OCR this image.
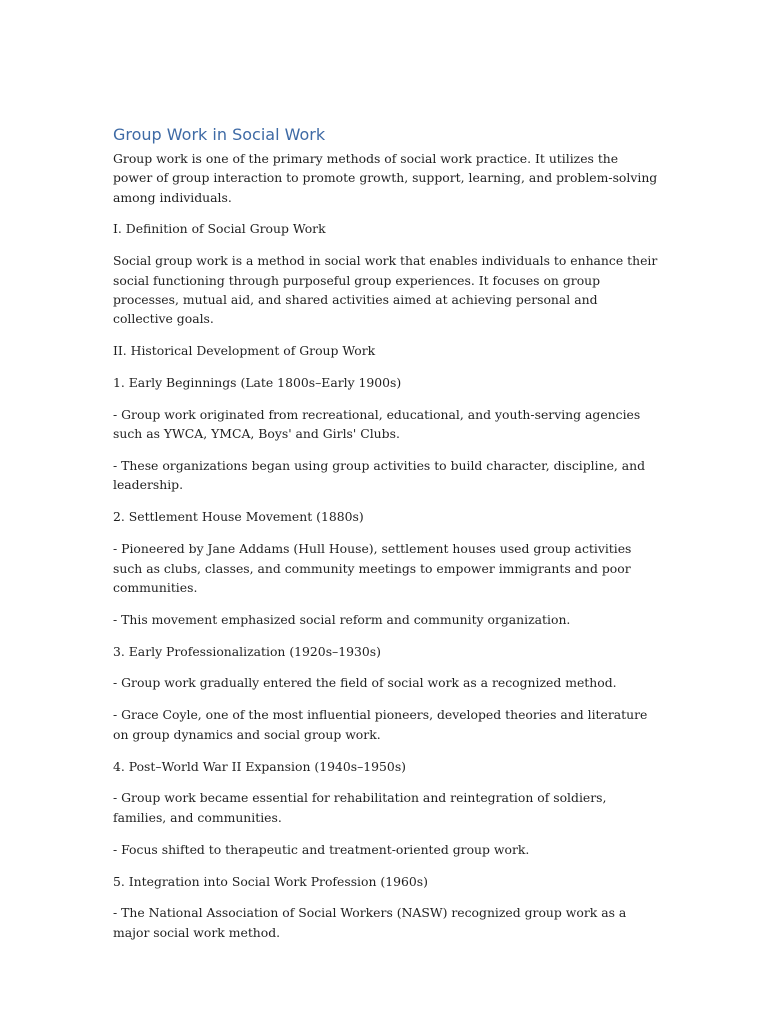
Group Work in Social Work

Group work is one of the primary methods of social work practice. It utilizes the power of group interaction to promote growth, support, learning, and problem-solving among individuals.

I. Definition of Social Group Work

Social group work is a method in social work that enables individuals to enhance their social functioning through purposeful group experiences. It focuses on group processes, mutual aid, and shared activities aimed at achieving personal and collective goals.

II. Historical Development of Group Work

1. Early Beginnings (Late 1800s–Early 1900s)

- Group work originated from recreational, educational, and youth-serving agencies such as YWCA, YMCA, Boys' and Girls' Clubs.

- These organizations began using group activities to build character, discipline, and leadership.

2. Settlement House Movement (1880s)

- Pioneered by Jane Addams (Hull House), settlement houses used group activities such as clubs, classes, and community meetings to empower immigrants and poor communities.

- This movement emphasized social reform and community organization.

3. Early Professionalization (1920s–1930s)

- Group work gradually entered the field of social work as a recognized method.

- Grace Coyle, one of the most influential pioneers, developed theories and literature on group dynamics and social group work.

4. Post–World War II Expansion (1940s–1950s)

- Group work became essential for rehabilitation and reintegration of soldiers, families, and communities.

- Focus shifted to therapeutic and treatment-oriented group work.

5. Integration into Social Work Profession (1960s)

- The National Association of Social Workers (NASW) recognized group work as a major social work method.
